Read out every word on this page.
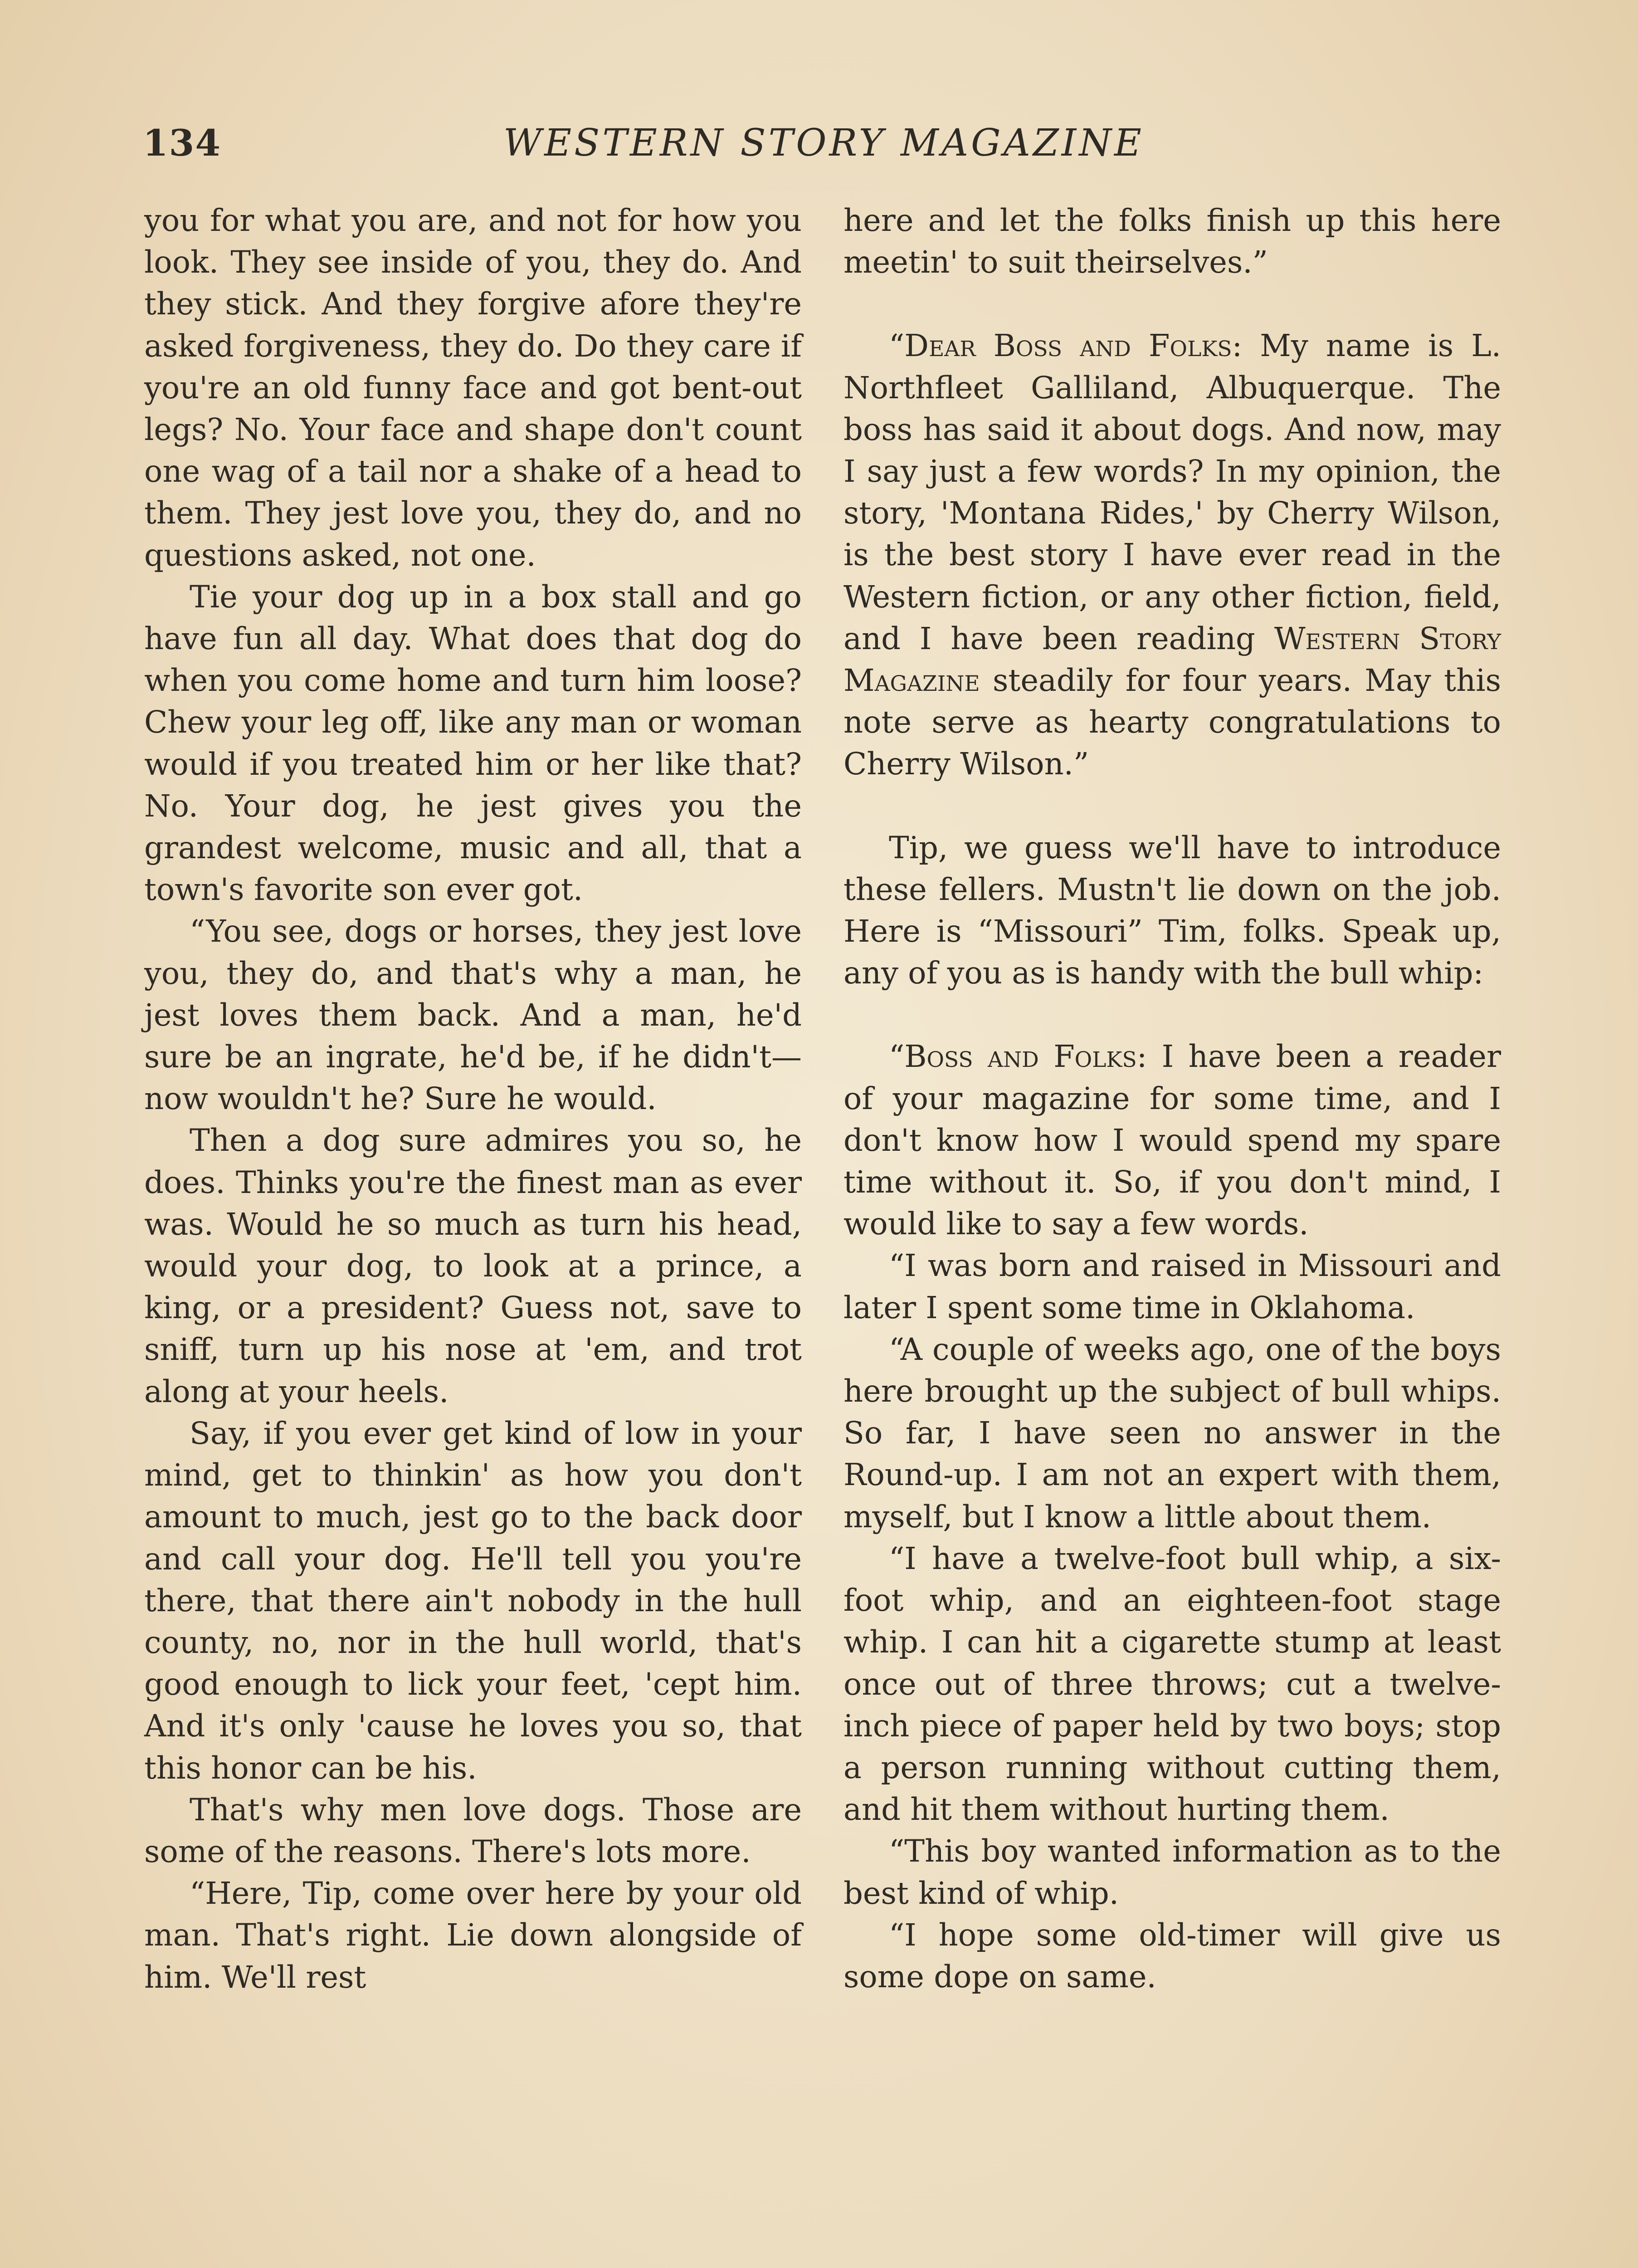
134	WESTERN STORY MAGAZINE

you for what you are, and not for how you look. They see inside of you, they do. And they stick. And they forgive afore they're asked forgiveness, they do. Do they care if you're an old funny face and got bent-out legs? No. Your face and shape don't count one wag of a tail nor a shake of a head to them. They jest love you, they do, and no questions asked, not one.

Tie your dog up in a box stall and go have fun all day. What does that dog do when you come home and turn him loose? Chew your leg off, like any man or woman would if you treated him or her like that? No. Your dog, he jest gives you the grandest welcome, music and all, that a town's favorite son ever got.

“You see, dogs or horses, they jest love you, they do, and that's why a man, he jest loves them back. And a man, he'd sure be an ingrate, he'd be, if he didn't—now wouldn't he? Sure he would.

Then a dog sure admires you so, he does. Thinks you're the finest man as ever was. Would he so much as turn his head, would your dog, to look at a prince, a king, or a president? Guess not, save to sniff, turn up his nose at 'em, and trot along at your heels.

Say, if you ever get kind of low in your mind, get to thinkin' as how you don't amount to much, jest go to the back door and call your dog. He'll tell you you're there, that there ain't nobody in the hull county, no, nor in the hull world, that's good enough to lick your feet, 'cept him. And it's only 'cause he loves you so, that this honor can be his.

That's why men love dogs. Those are some of the reasons. There's lots more.

“Here, Tip, come over here by your old man. That's right. Lie down alongside of him. We'll rest

here and let the folks finish up this here meetin' to suit theirselves.”

“Dear Boss and Folks: My name is L. Northfleet Galliland, Albuquerque. The boss has said it about dogs. And now, may I say just a few words? In my opinion, the story, 'Montana Rides,' by Cherry Wilson, is the best story I have ever read in the Western fiction, or any other fiction, field, and I have been reading Western Story Magazine steadily for four years. May this note serve as hearty congratulations to Cherry Wilson.”

Tip, we guess we'll have to introduce these fellers. Mustn't lie down on the job. Here is “Missouri” Tim, folks. Speak up, any of you as is handy with the bull whip:

“Boss and Folks: I have been a reader of your magazine for some time, and I don't know how I would spend my spare time without it. So, if you don't mind, I would like to say a few words.

“I was born and raised in Missouri and later I spent some time in Oklahoma.

“A couple of weeks ago, one of the boys here brought up the subject of bull whips. So far, I have seen no answer in the Round-up. I am not an expert with them, myself, but I know a little about them.

“I have a twelve-foot bull whip, a six-foot whip, and an eighteen-foot stage whip. I can hit a cigarette stump at least once out of three throws; cut a twelve-inch piece of paper held by two boys; stop a person running without cutting them, and hit them without hurting them.

“This boy wanted information as to the best kind of whip.

“I hope some old-timer will give us some dope on same.
